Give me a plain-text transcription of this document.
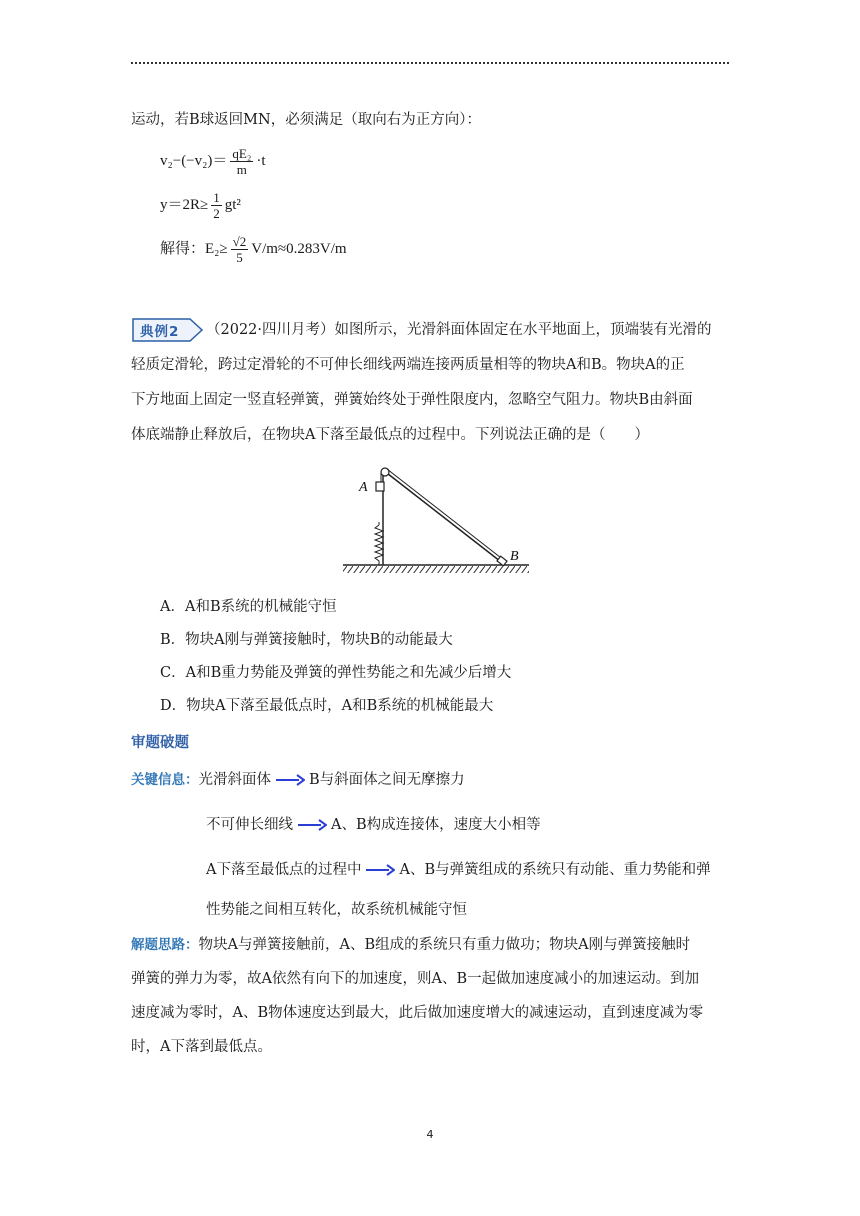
运动，若B球返回MN，必须满足（取向右为正方向）：
$v_2-(-v_2)= \frac{\text{qE₂}}{m} \cdot t$
$y=2R\ge \frac{1}{2} gt^2$
解得：$E_2\ge \frac{√2}{5} V/m\approx 0.283V/m$
典例2 （2022·四川月考）如图所示，光滑斜面体固定在水平地面上，顶端装有光滑的
轻质定滑轮，跨过定滑轮的不可伸长细线两端连接两质量相等的物块A和B。物块A的正
下方地面上固定一竖直轻弹簧，弹簧始终处于弹性限度内，忽略空气阻力。物块B由斜面
体底端静止释放后，在物块A下落至最低点的过程中。下列说法正确的是（　　）
A
B
A．A和B系统的机械能守恒
B．物块A刚与弹簧接触时，物块B的动能最大
C．A和B重力势能及弹簧的弹性势能之和先减少后增大
D．物块A下落至最低点时，A和B系统的机械能最大
审题破题
关键信息：光滑斜面体	B与斜面体之间无摩擦力
不可伸长细线	A、B构成连接体，速度大小相等
A下落至最低点的过程中	A、B与弹簧组成的系统只有动能、重力势能和弹
性势能之间相互转化，故系统机械能守恒
解题思路：物块A与弹簧接触前，A、B组成的系统只有重力做功；物块A刚与弹簧接触时
弹簧的弹力为零，故A依然有向下的加速度，则A、B一起做加速度减小的加速运动。到加
速度减为零时，A、B物体速度达到最大，此后做加速度增大的减速运动，直到速度减为零
时，A下落到最低点。
4
